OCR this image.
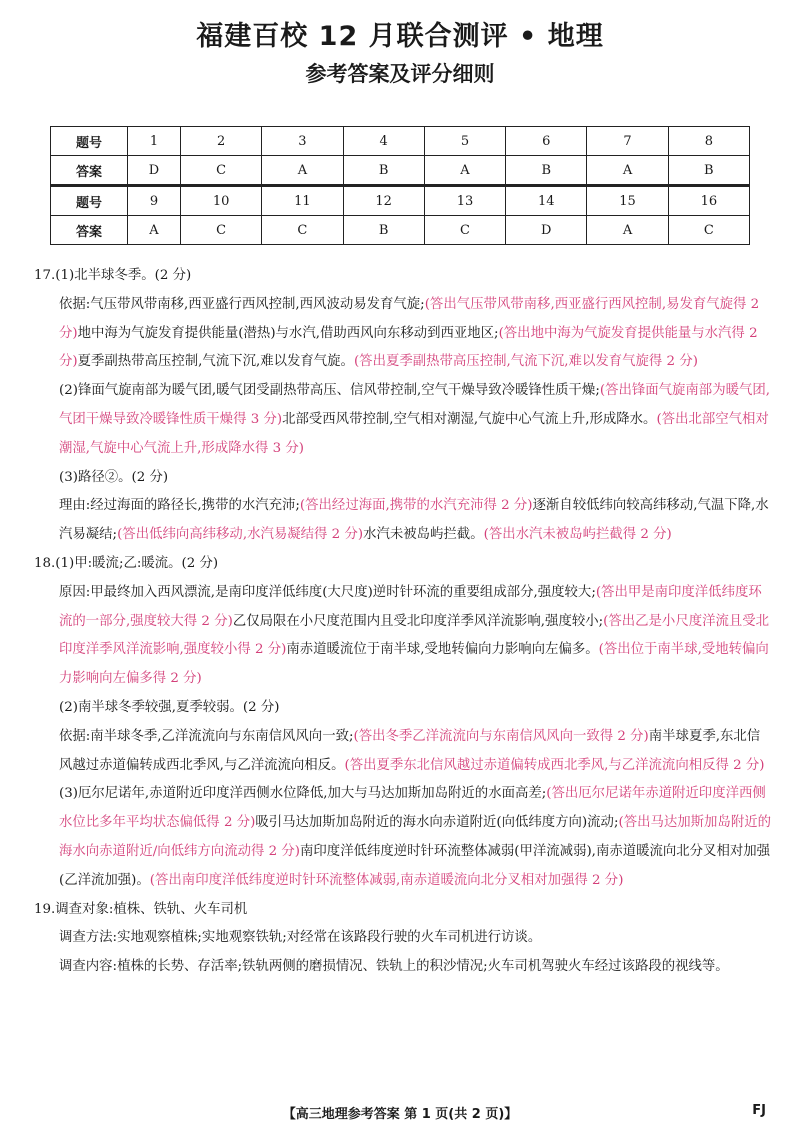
福建百校 12 月联合测评 • 地理
参考答案及评分细则
题号	1	2	3	4	5	6	7	8
答案	D	C	A	B	A	B	A	B
题号	9	10	11	12	13	14	15	16
答案	A	C	C	B	C	D	A	C

17.(1)北半球冬季。(2 分)

依据:气压带风带南移,西亚盛行西风控制,西风波动易发育气旋;(答出气压带风带南移,西亚盛行西风控制,易发育气旋得 2 分)地中海为气旋发育提供能量(潜热)与水汽,借助西风向东移动到西亚地区;(答出地中海为气旋发育提供能量与水汽得 2 分)夏季副热带高压控制,气流下沉,难以发育气旋。(答出夏季副热带高压控制,气流下沉,难以发育气旋得 2 分)

(2)锋面气旋南部为暖气团,暖气团受副热带高压、信风带控制,空气干燥导致冷暖锋性质干燥;(答出锋面气旋南部为暖气团,气团干燥导致冷暖锋性质干燥得 3 分)北部受西风带控制,空气相对潮湿,气旋中心气流上升,形成降水。(答出北部空气相对潮湿,气旋中心气流上升,形成降水得 3 分)

(3)路径②。(2 分)

理由:经过海面的路径长,携带的水汽充沛;(答出经过海面,携带的水汽充沛得 2 分)逐渐自较低纬向较高纬移动,气温下降,水汽易凝结;(答出低纬向高纬移动,水汽易凝结得 2 分)水汽未被岛屿拦截。(答出水汽未被岛屿拦截得 2 分)

18.(1)甲:暖流;乙:暖流。(2 分)

原因:甲最终加入西风漂流,是南印度洋低纬度(大尺度)逆时针环流的重要组成部分,强度较大;(答出甲是南印度洋低纬度环流的一部分,强度较大得 2 分)乙仅局限在小尺度范围内且受北印度洋季风洋流影响,强度较小;(答出乙是小尺度洋流且受北印度洋季风洋流影响,强度较小得 2 分)南赤道暖流位于南半球,受地转偏向力影响向左偏多。(答出位于南半球,受地转偏向力影响向左偏多得 2 分)

(2)南半球冬季较强,夏季较弱。(2 分)

依据:南半球冬季,乙洋流流向与东南信风风向一致;(答出冬季乙洋流流向与东南信风风向一致得 2 分)南半球夏季,东北信风越过赤道偏转成西北季风,与乙洋流流向相反。(答出夏季东北信风越过赤道偏转成西北季风,与乙洋流流向相反得 2 分)

(3)厄尔尼诺年,赤道附近印度洋西侧水位降低,加大与马达加斯加岛附近的水面高差;(答出厄尔尼诺年赤道附近印度洋西侧水位比多年平均状态偏低得 2 分)吸引马达加斯加岛附近的海水向赤道附近(向低纬度方向)流动;(答出马达加斯加岛附近的海水向赤道附近/向低纬方向流动得 2 分)南印度洋低纬度逆时针环流整体减弱(甲洋流减弱),南赤道暖流向北分叉相对加强(乙洋流加强)。(答出南印度洋低纬度逆时针环流整体减弱,南赤道暖流向北分叉相对加强得 2 分)

19.调查对象:植株、铁轨、火车司机

调查方法:实地观察植株;实地观察铁轨;对经常在该路段行驶的火车司机进行访谈。

调查内容:植株的长势、存活率;铁轨两侧的磨损情况、铁轨上的积沙情况;火车司机驾驶火车经过该路段的视线等。

【高三地理参考答案 第 1 页(共 2 页)】	FJ
